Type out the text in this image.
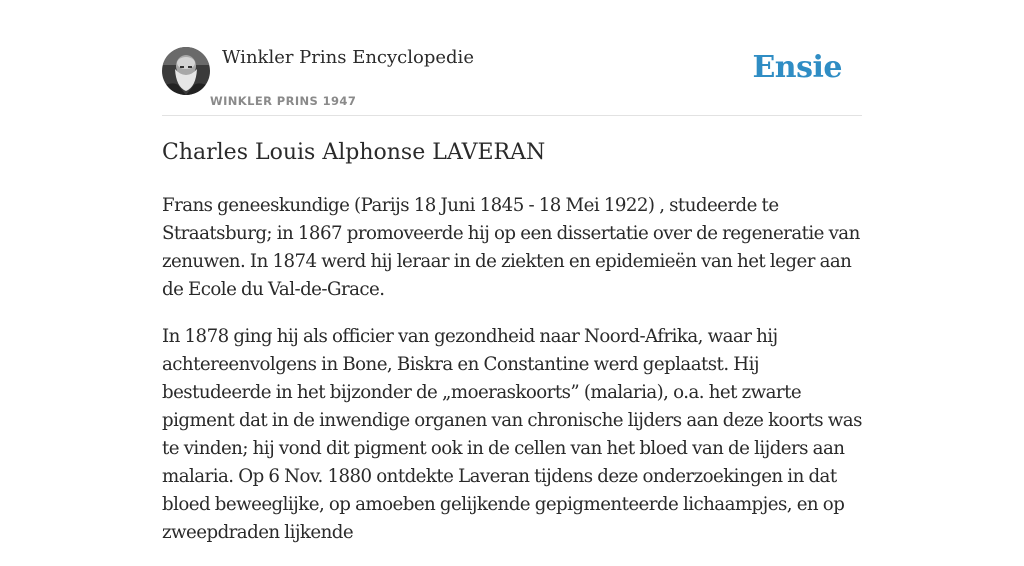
Winkler Prins Encyclopedie
WINKLER PRINS 1947
Ensie
Charles Louis Alphonse LAVERAN

Frans geneeskundige (Parijs 18 Juni 1845 - 18 Mei 1922) , studeerde te Straatsburg; in 1867 promoveerde hij op een dissertatie over de regeneratie van zenuwen. In 1874 werd hij leraar in de ziekten en epidemieën van het leger aan de Ecole du Val-de-Grace.

In 1878 ging hij als officier van gezondheid naar Noord-Afrika, waar hij achtereenvolgens in Bone, Biskra en Constantine werd geplaatst. Hij bestudeerde in het bijzonder de „moeraskoorts” (malaria), o.a. het zwarte pigment dat in de inwendige organen van chronische lijders aan deze koorts was te vinden; hij vond dit pigment ook in de cellen van het bloed van de lijders aan malaria. Op 6 Nov. 1880 ontdekte Laveran tijdens deze onderzoekingen in dat bloed beweeglijke, op amoeben gelijkende gepigmenteerde lichaampjes, en op zweepdraden lijkende
